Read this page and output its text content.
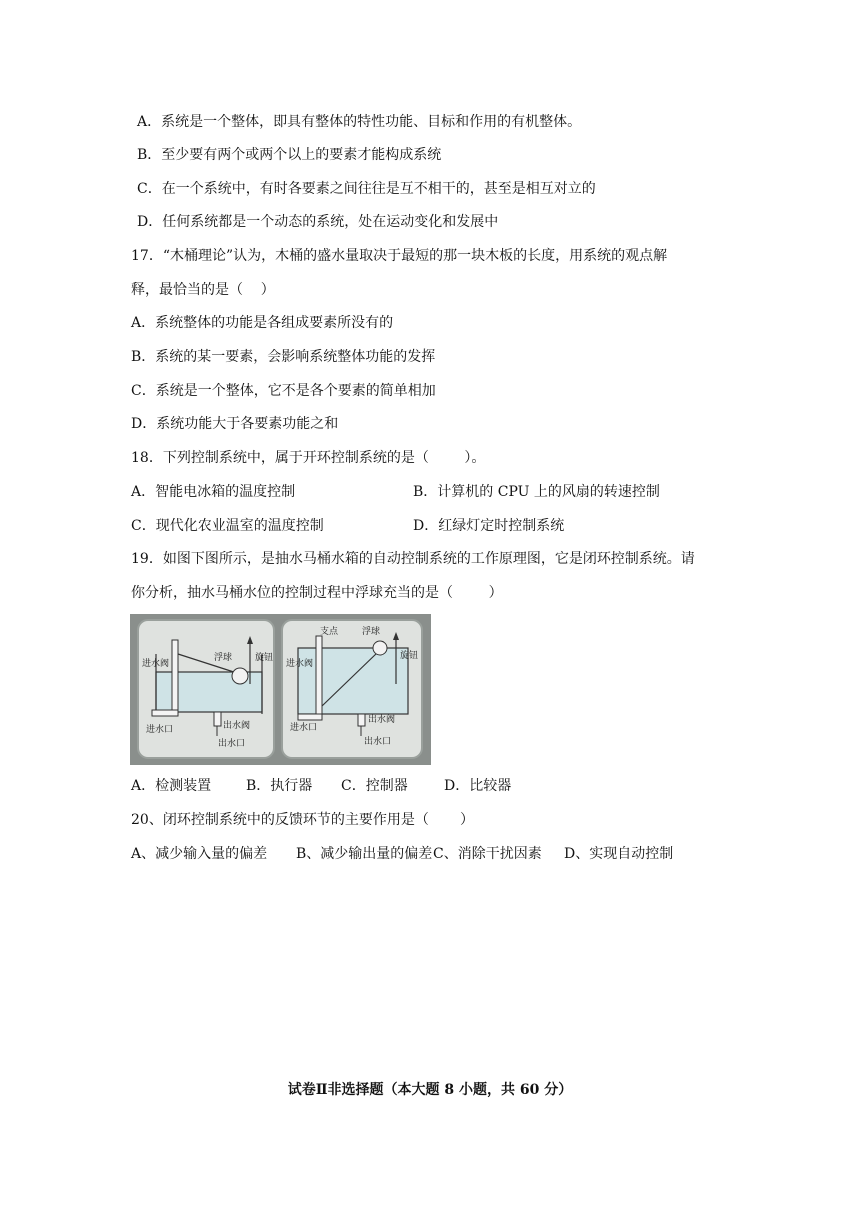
A．系统是一个整体，即具有整体的特性功能、目标和作用的有机整体。
B．至少要有两个或两个以上的要素才能构成系统
C．在一个系统中，有时各要素之间往往是互不相干的，甚至是相互对立的
D．任何系统都是一个动态的系统，处在运动变化和发展中
17．“木桶理论”认为，木桶的盛水量取决于最短的那一块木板的长度，用系统的观点解
释，最恰当的是（    ）
A．系统整体的功能是各组成要素所没有的
B．系统的某一要素，会影响系统整体功能的发挥
C．系统是一个整体，它不是各个要素的简单相加
D．系统功能大于各要素功能之和
18．下列控制系统中，属于开环控制系统的是（        ）。

A．智能电冰箱的温度控制

	B．计算机的 CPU 上的风扇的转速控制

C．现代化农业温室的温度控制

	D．红绿灯定时控制系统

19．如图下图所示，是抽水马桶水箱的自动控制系统的工作原理图，它是闭环控制系统。请
你分析，抽水马桶水位的控制过程中浮球充当的是（        ）
进水阀
浮球	旋钮
进水口	出水阀
出水口
支点	浮球
进水阀
旋钮
进水口
出水阀
出水口

A．检测装置

B．执行器

C．控制器

	D．比较器

20、闭环控制系统中的反馈环节的主要作用是（       ）

A、减少输入量的偏差

B、减少输出量的偏差

C、消除干扰因素

D、实现自动控制

试卷Ⅱ非选择题（本大题 8 小题，共 60 分）
